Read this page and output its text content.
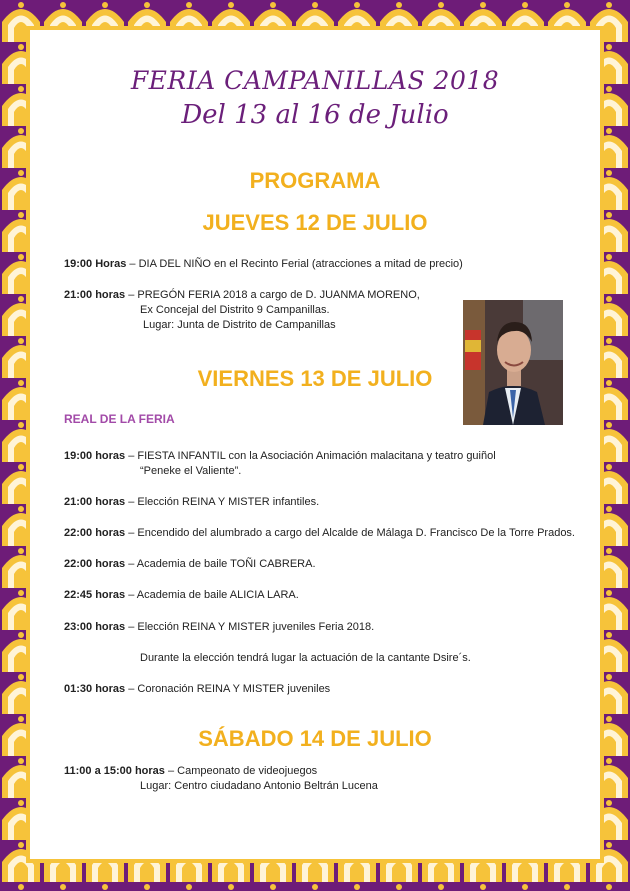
FERIA CAMPANILLAS 2018
Del 13 al 16 de Julio
PROGRAMA
JUEVES 12 DE JULIO
19:00 Horas – DIA DEL NIÑO en el Recinto Ferial (atracciones a mitad de precio)
21:00 horas – PREGÓN FERIA 2018 a cargo de D. JUANMA MORENO,
Ex Concejal del Distrito 9 Campanillas.
Lugar: Junta de Distrito de Campanillas
VIERNES 13 DE JULIO
REAL DE LA FERIA
19:00 horas – FIESTA INFANTIL con la Asociación Animación malacitana y teatro guiñol
“Peneke el Valiente”.
21:00 horas – Elección REINA Y MISTER infantiles.
22:00 horas – Encendido del alumbrado a cargo del Alcalde de Málaga D. Francisco De la Torre Prados.
22:00 horas – Academia de baile TOÑI CABRERA.
22:45 horas – Academia de baile ALICIA LARA.
23:00 horas – Elección REINA Y MISTER juveniles Feria 2018.
Durante la elección tendrá lugar la actuación de la cantante Dsire´s.
01:30 horas – Coronación REINA Y MISTER juveniles
SÁBADO 14 DE JULIO
11:00 a 15:00 horas – Campeonato de videojuegos
Lugar: Centro ciudadano Antonio Beltrán Lucena
